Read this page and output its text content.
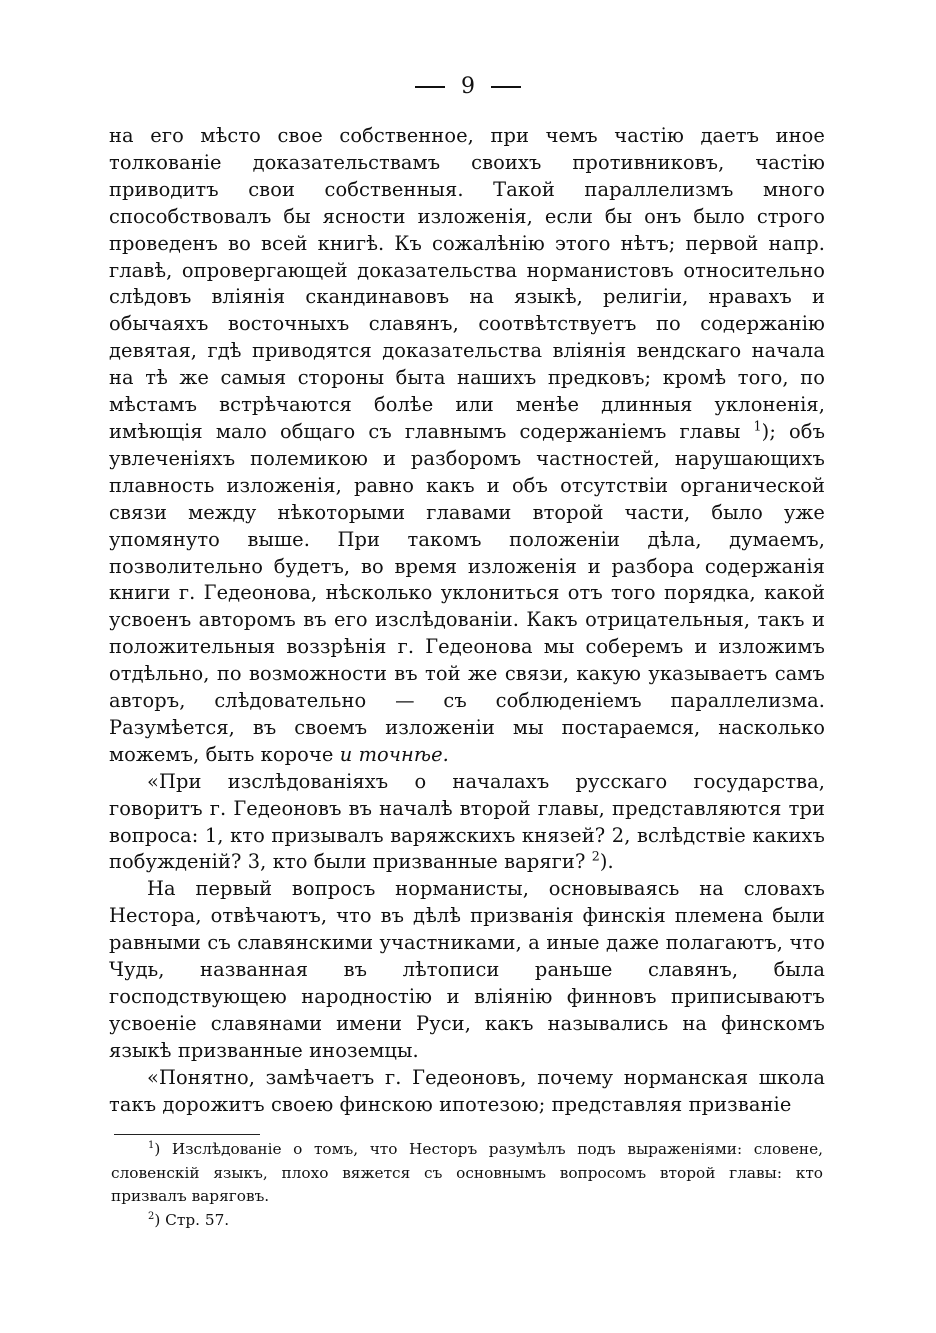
9

на его мѣсто свое собственное, при чемъ частію даетъ иное толкованіе доказательствамъ своихъ противниковъ, частію приводитъ свои собственныя. Такой параллелизмъ много способствовалъ бы ясности изложенія, если бы онъ было строго проведенъ во всей книгѣ. Къ сожалѣнію этого нѣтъ; первой напр. главѣ, опровергающей доказательства норманистовъ относительно слѣдовъ вліянія скандинавовъ на языкѣ, религіи, нравахъ и обычаяхъ восточныхъ славянъ, соотвѣтствуетъ по содержанію девятая, гдѣ приводятся доказательства вліянія вендскаго начала на тѣ же самыя стороны быта нашихъ предковъ; кромѣ того, по мѣстамъ встрѣчаются болѣе или менѣе длинныя уклоненія, имѣющія мало общаго съ главнымъ содержаніемъ главы $^1$); объ увлеченіяхъ полемикою и разборомъ частностей, нарушающихъ плавность изложенія, равно какъ и объ отсутствіи органической связи между нѣкоторыми главами второй части, было уже упомянуто выше. При такомъ положеніи дѣла, думаемъ, позволительно будетъ, во время изложенія и разбора содержанія книги г. Гедеонова, нѣсколько уклониться отъ того порядка, какой усвоенъ авторомъ въ его изслѣдованіи. Какъ отрицательныя, такъ и положительныя воззрѣнія г. Гедеонова мы соберемъ и изложимъ отдѣльно, по возможности въ той же связи, какую указываетъ самъ авторъ, слѣдовательно — съ соблюденіемъ параллелизма. Разумѣется, въ своемъ изложеніи мы постараемся, насколько можемъ, быть короче и точнѣе.

«При изслѣдованіяхъ о началахъ русскаго государства, говоритъ г. Гедеоновъ въ началѣ второй главы, представляются три вопроса: 1, кто призывалъ варяжскихъ князей? 2, вслѣдствіе какихъ побужденій? 3, кто были призванные варяги? $^2$).

На первый вопросъ норманисты, основываясь на словахъ Нестора, отвѣчаютъ, что въ дѣлѣ призванія финскія племена были равными съ славянскими участниками, а иные даже полагаютъ, что Чудь, названная въ лѣтописи раньше славянъ, была господствующею народностію и вліянію финновъ приписываютъ усвоеніе славянами имени Руси, какъ назывались на финскомъ языкѣ призванные иноземцы.

«Понятно, замѣчаетъ г. Гедеоновъ, почему норманская школа такъ дорожитъ своею финскою ипотезою; представляя призваніе

$^1$) Изслѣдованіе о томъ, что Несторъ разумѣлъ подъ выраженіями: словене, словенскій языкъ, плохо вяжется съ основнымъ вопросомъ второй главы: кто призвалъ варяговъ.

$^2$) Стр. 57.
